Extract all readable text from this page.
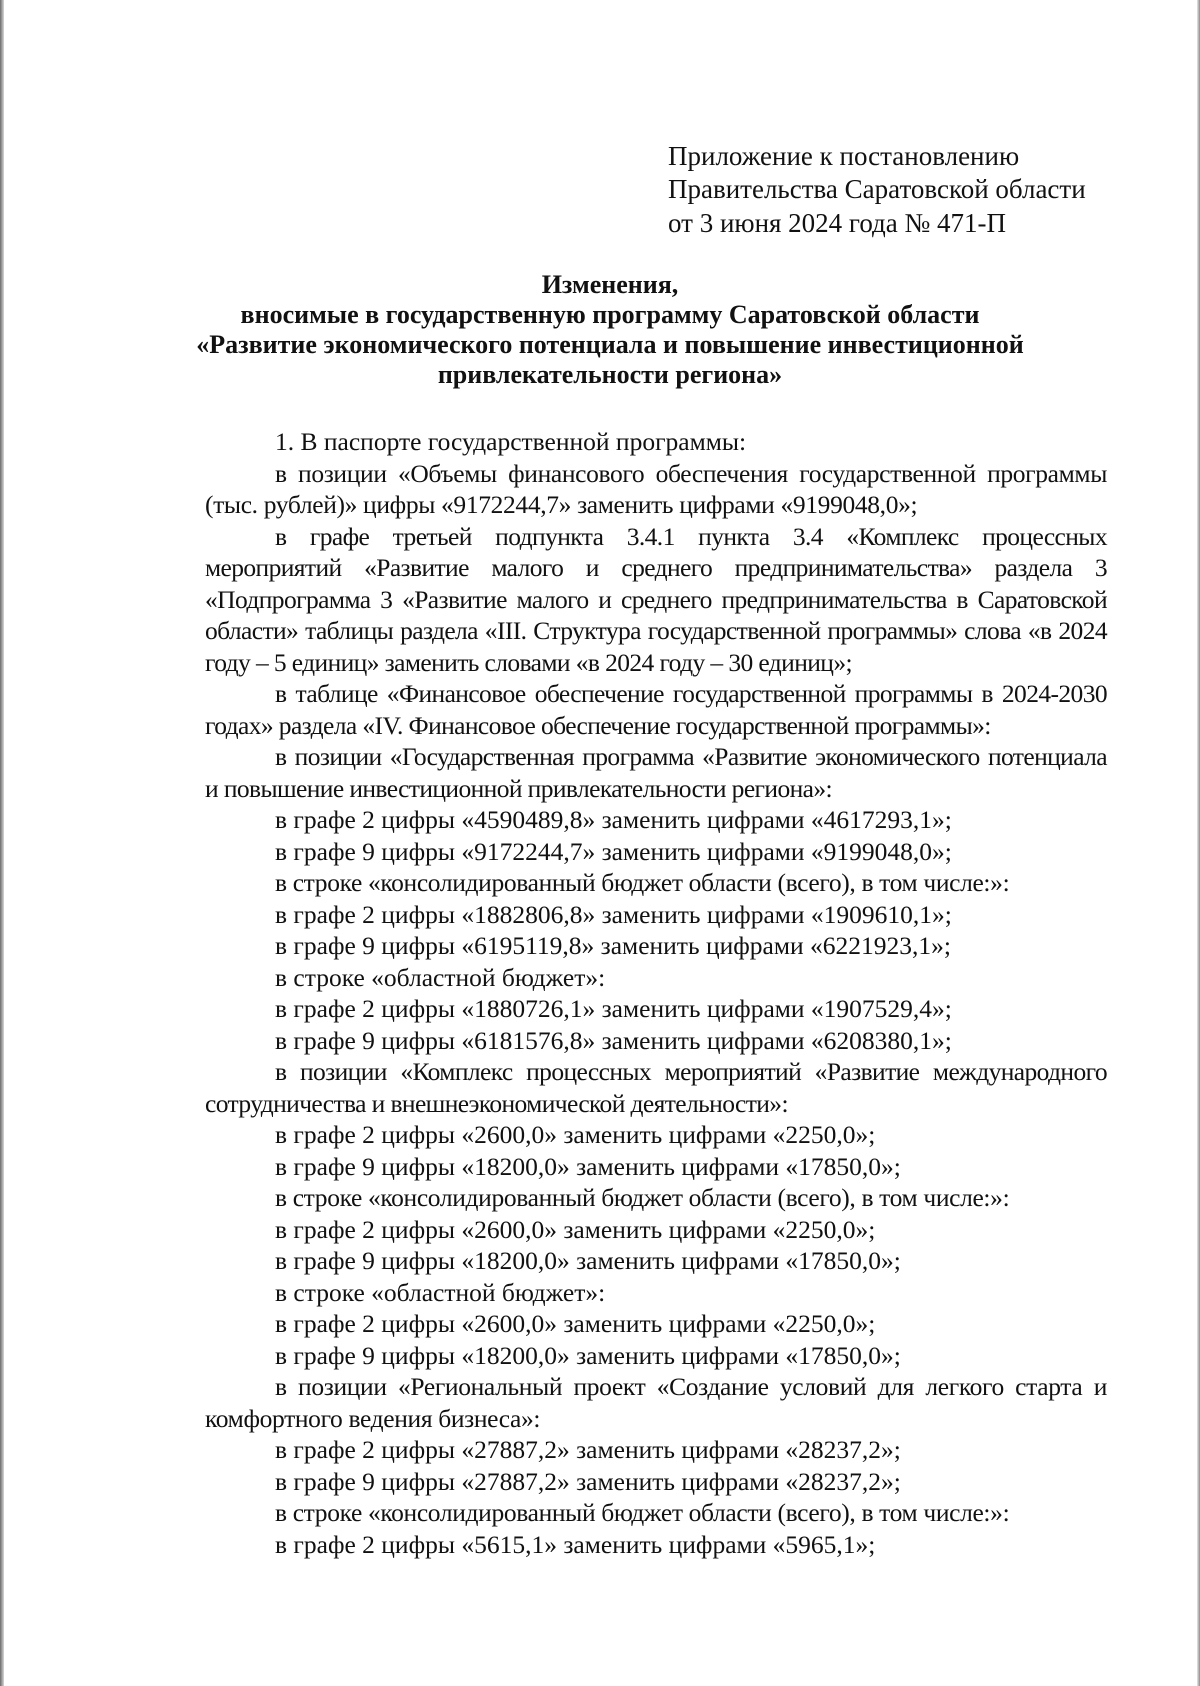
Приложение к постановлению
Правительства Саратовской области
от 3 июня 2024 года № 471-П
Изменения,
вносимые в государственную программу Саратовской области
«Развитие экономического потенциала и повышение инвестиционной
привлекательности региона»

1. В паспорте государственной программы:

в позиции «Объемы финансового обеспечения государственной программы (тыс. рублей)» цифры «9172244,7» заменить цифрами «9199048,0»;

в графе третьей подпункта 3.4.1 пункта 3.4 «Комплекс процессных мероприятий «Развитие малого и среднего предпринимательства» раздела 3 «Подпрограмма 3 «Развитие малого и среднего предпринимательства в Саратовской области» таблицы раздела «III. Структура государственной программы» слова «в 2024 году – 5 единиц» заменить словами «в 2024 году – 30 единиц»;

в таблице «Финансовое обеспечение государственной программы в 2024-2030 годах» раздела «IV. Финансовое обеспечение государственной программы»:

в позиции «Государственная программа «Развитие экономического потенциала и повышение инвестиционной привлекательности региона»:

в графе 2 цифры «4590489,8» заменить цифрами «4617293,1»;

в графе 9 цифры «9172244,7» заменить цифрами «9199048,0»;

в строке «консолидированный бюджет области (всего), в том числе:»:

в графе 2 цифры «1882806,8» заменить цифрами «1909610,1»;

в графе 9 цифры «6195119,8» заменить цифрами «6221923,1»;

в строке «областной бюджет»:

в графе 2 цифры «1880726,1» заменить цифрами «1907529,4»;

в графе 9 цифры «6181576,8» заменить цифрами «6208380,1»;

в позиции «Комплекс процессных мероприятий «Развитие международного сотрудничества и внешнеэкономической деятельности»:

в графе 2 цифры «2600,0» заменить цифрами «2250,0»;

в графе 9 цифры «18200,0» заменить цифрами «17850,0»;

в строке «консолидированный бюджет области (всего), в том числе:»:

в графе 2 цифры «2600,0» заменить цифрами «2250,0»;

в графе 9 цифры «18200,0» заменить цифрами «17850,0»;

в строке «областной бюджет»:

в графе 2 цифры «2600,0» заменить цифрами «2250,0»;

в графе 9 цифры «18200,0» заменить цифрами «17850,0»;

в позиции «Региональный проект «Создание условий для легкого старта и комфортного ведения бизнеса»:

в графе 2 цифры «27887,2» заменить цифрами «28237,2»;

в графе 9 цифры «27887,2» заменить цифрами «28237,2»;

в строке «консолидированный бюджет области (всего), в том числе:»:

в графе 2 цифры «5615,1» заменить цифрами «5965,1»;
